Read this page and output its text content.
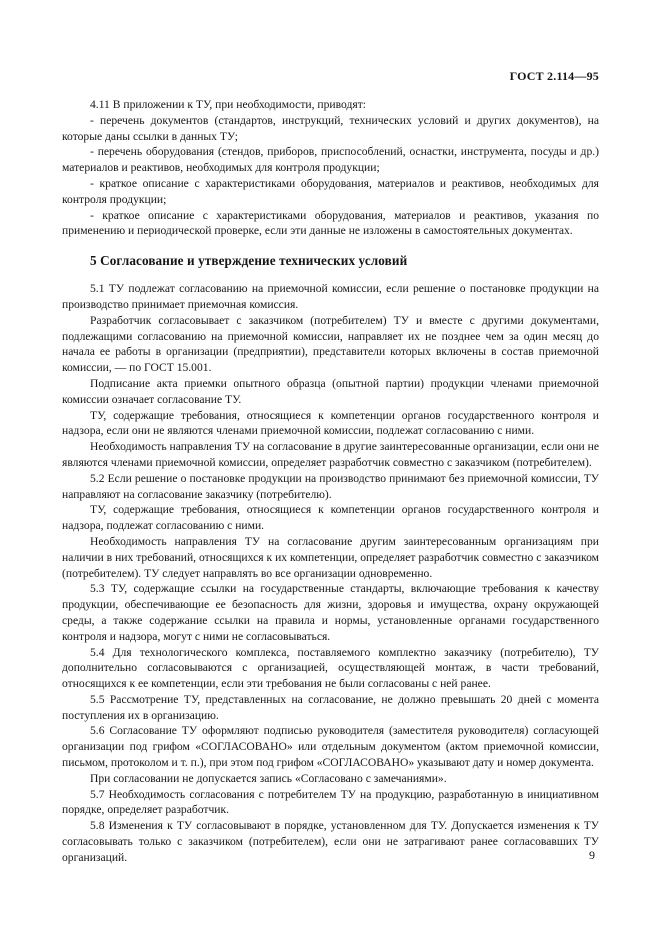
ГОСТ 2.114—95

4.11 В приложении к ТУ, при необходимости, приводят:

- перечень документов (стандартов, инструкций, технических условий и других документов), на которые даны ссылки в данных ТУ;

- перечень оборудования (стендов, приборов, приспособлений, оснастки, инструмента, посуды и др.) материалов и реактивов, необходимых для контроля продукции;

- краткое описание с характеристиками оборудования, материалов и реактивов, необходимых для контроля продукции;

- краткое описание с характеристиками оборудования, материалов и реактивов, указания по применению и периодической проверке, если эти данные не изложены в самостоятельных документах.

5 Согласование и утверждение технических условий

5.1 ТУ подлежат согласованию на приемочной комиссии, если решение о постановке продукции на производство принимает приемочная комиссия.

Разработчик согласовывает с заказчиком (потребителем) ТУ и вместе с другими документами, подлежащими согласованию на приемочной комиссии, направляет их не позднее чем за один месяц до начала ее работы в организации (предприятии), представители которых включены в состав приемочной комиссии, — по ГОСТ 15.001.

Подписание акта приемки опытного образца (опытной партии) продукции членами приемочной комиссии означает согласование ТУ.

ТУ, содержащие требования, относящиеся к компетенции органов государственного контроля и надзора, если они не являются членами приемочной комиссии, подлежат согласованию с ними.

Необходимость направления ТУ на согласование в другие заинтересованные организации, если они не являются членами приемочной комиссии, определяет разработчик совместно с заказчиком (потребителем).

5.2 Если решение о постановке продукции на производство принимают без приемочной комиссии, ТУ направляют на согласование заказчику (потребителю).

ТУ, содержащие требования, относящиеся к компетенции органов государственного контроля и надзора, подлежат согласованию с ними.

Необходимость направления ТУ на согласование другим заинтересованным организациям при наличии в них требований, относящихся к их компетенции, определяет разработчик совместно с заказчиком (потребителем). ТУ следует направлять во все организации одновременно.

5.3 ТУ, содержащие ссылки на государственные стандарты, включающие требования к качеству продукции, обеспечивающие ее безопасность для жизни, здоровья и имущества, охрану окружающей среды, а также содержание ссылки на правила и нормы, установленные органами государственного контроля и надзора, могут с ними не согласовываться.

5.4 Для технологического комплекса, поставляемого комплектно заказчику (потребителю), ТУ дополнительно согласовываются с организацией, осуществляющей монтаж, в части требований, относящихся к ее компетенции, если эти требования не были согласованы с ней ранее.

5.5 Рассмотрение ТУ, представленных на согласование, не должно превышать 20 дней с момента поступления их в организацию.

5.6 Согласование ТУ оформляют подписью руководителя (заместителя руководителя) согласующей организации под грифом «СОГЛАСОВАНО» или отдельным документом (актом приемочной комиссии, письмом, протоколом и т. п.), при этом под грифом «СОГЛАСОВАНО» указывают дату и номер документа.

При согласовании не допускается запись «Согласовано с замечаниями».

5.7 Необходимость согласования с потребителем ТУ на продукцию, разработанную в инициативном порядке, определяет разработчик.

5.8 Изменения к ТУ согласовывают в порядке, установленном для ТУ. Допускается изменения к ТУ согласовывать только с заказчиком (потребителем), если они не затрагивают ранее согласовавших ТУ организаций.	9
